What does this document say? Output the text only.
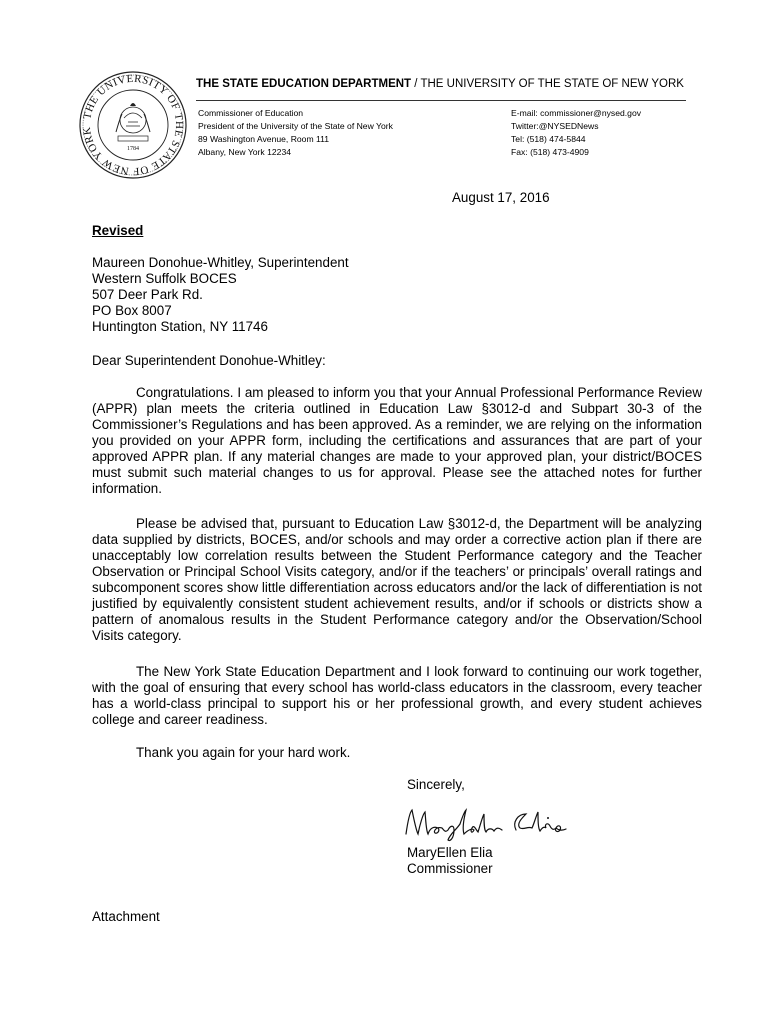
THE UNIVERSITY OF THE STATE OF NEW YORK
1784
THE STATE EDUCATION DEPARTMENT / THE UNIVERSITY OF THE STATE OF NEW YORK
Commissioner of Education
President of the University of the State of New York
89 Washington Avenue, Room 111
Albany, New York 12234
E-mail: commissioner@nysed.gov
Twitter:@NYSEDNews
Tel: (518) 474-5844
Fax: (518) 473-4909
August 17, 2016
Revised
Maureen Donohue-Whitley, Superintendent
Western Suffolk BOCES
507 Deer Park Rd.
PO Box 8007
Huntington Station, NY 11746
Dear Superintendent Donohue-Whitley:
Congratulations. I am pleased to inform you that your Annual Professional Performance Review (APPR) plan meets the criteria outlined in Education Law §3012-d and Subpart 30-3 of the Commissioner’s Regulations and has been approved. As a reminder, we are relying on the information you provided on your APPR form, including the certifications and assurances that are part of your approved APPR plan. If any material changes are made to your approved plan, your district/BOCES must submit such material changes to us for approval. Please see the attached notes for further information.
Please be advised that, pursuant to Education Law §3012-d, the Department will be analyzing data supplied by districts, BOCES, and/or schools and may order a corrective action plan if there are unacceptably low correlation results between the Student Performance category and the Teacher Observation or Principal School Visits category, and/or if the teachers’ or principals’ overall ratings and subcomponent scores show little differentiation across educators and/or the lack of differentiation is not justified by equivalently consistent student achievement results, and/or if schools or districts show a pattern of anomalous results in the Student Performance category and/or the Observation/School Visits category.
The New York State Education Department and I look forward to continuing our work together, with the goal of ensuring that every school has world-class educators in the classroom, every teacher has a world-class principal to support his or her professional growth, and every student achieves college and career readiness.
Thank you again for your hard work.
Sincerely,
MaryEllen Elia
Commissioner
Attachment
